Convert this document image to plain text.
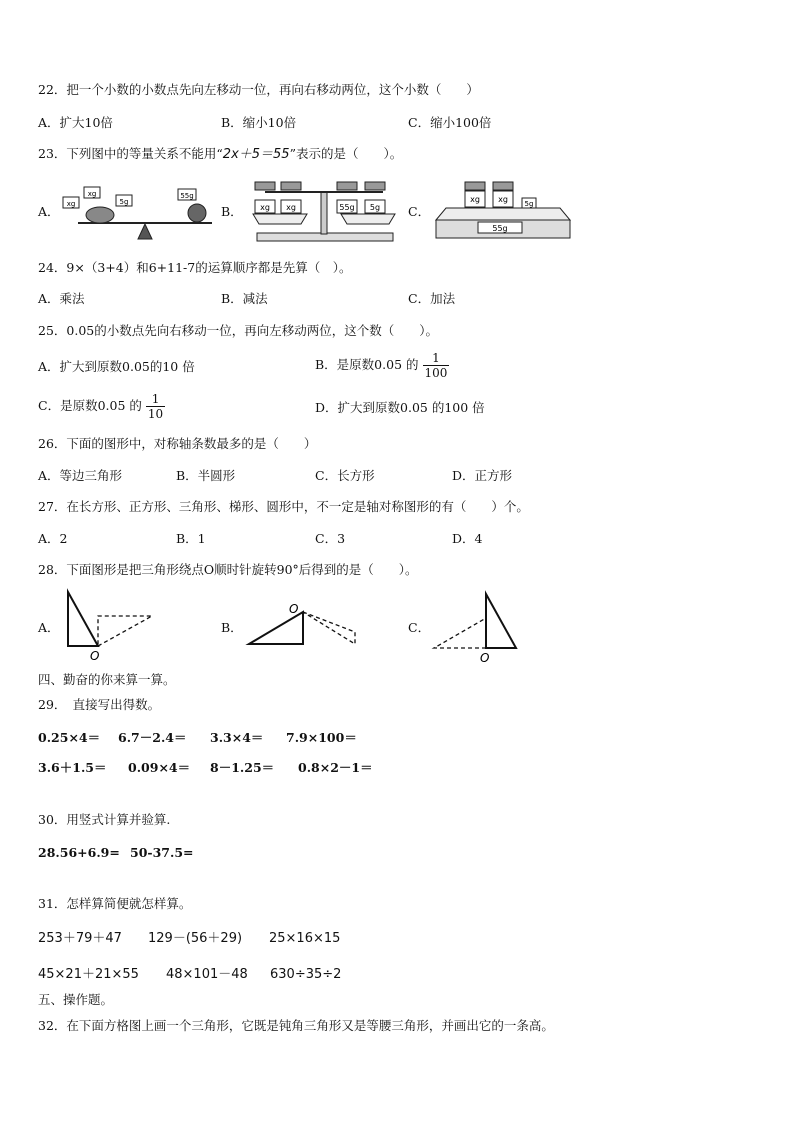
22．把一个小数的小数点先向左移动一位，再向右移动两位，这个小数（　　）
A．扩大10倍	B．缩小10倍	C．缩小100倍
23．下列图中的等量关系不能用“2x＋5＝55”表示的是（　　）。
A．	B．	C．
xg
xg
5g
55g
xg xg	55g 5g
55g
xg xg 5g
24．9×（3+4）和6+11-7的运算顺序都是先算（　）。
A．乘法	B．减法	C．加法
25．0.05的小数点先向右移动一位，再向左移动两位，这个数（　　）。
A．扩大到原数0.05的10 倍	B．是原数0.05 的 $\frac{1}{100}$
C．是原数0.05 的 $\frac{1}{10}$	D．扩大到原数0.05 的100 倍
26．下面的图形中，对称轴条数最多的是（　　）
A．等边三角形	B．半圆形	C．长方形	D．正方形
27．在长方形、正方形、三角形、梯形、圆形中，不一定是轴对称图形的有（　　）个。
A．2	B．1	C．3	D．4
28．下面图形是把三角形绕点O顺时针旋转90°后得到的是（　　）。
A．	B．	C．
O
O
O
四、勤奋的你来算一算。
29．　直接写出得数。
0.25×4＝ 6.7－2.4＝ 3.3×4＝ 7.9×100＝
3.6＋1.5＝ 0.09×4＝ 8－1.25＝ 0.8×2－1＝
30．用竖式计算并验算.
28.56+6.9= 50-37.5=
31．怎样算简便就怎样算。
253＋79＋47 129－(56＋29) 25×16×15
45×21＋21×55 48×101－48 630÷35÷2
五、操作题。
32．在下面方格图上画一个三角形，它既是钝角三角形又是等腰三角形，并画出它的一条高。
